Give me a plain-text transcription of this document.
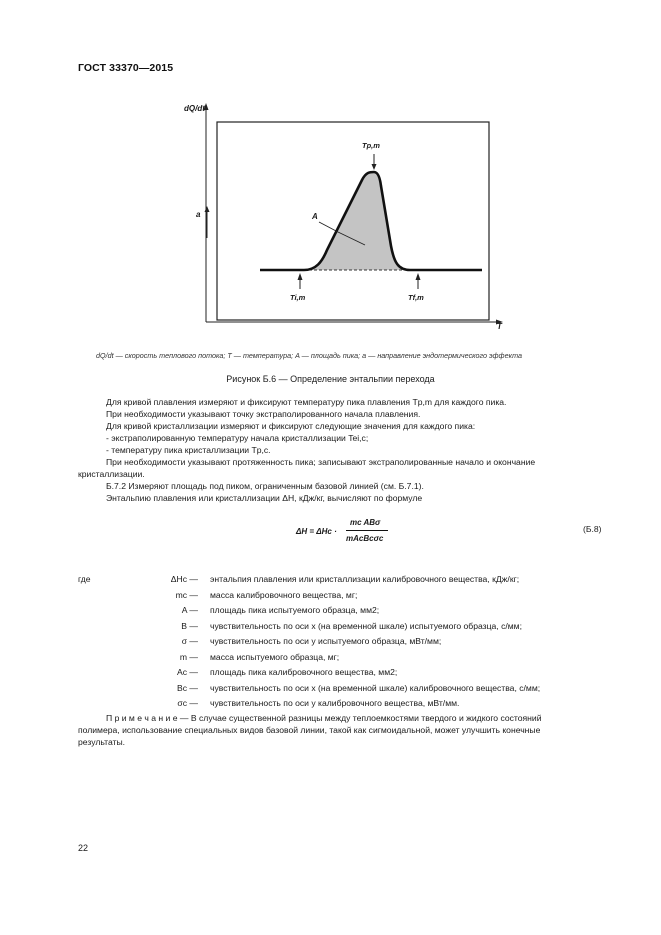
ГОСТ 33370—2015
dQ/dt
T
Tp,m
a	A
Ti,m	Tf,m
dQ/dt — скорость теплового потока; T — температура; A — площадь пика; a — направление эндотермического эффекта
Рисунок Б.6 — Определение энтальпии перехода
Для кривой плавления измеряют и фиксируют температуру пика плавления Tp,m для каждого пика.
При необходимости указывают точку экстраполированного начала плавления.
Для кривой кристаллизации измеряют и фиксируют следующие значения для каждого пика:
- экстраполированную температуру начала кристаллизации Tei,c;
- температуру пика кристаллизации Tp,c.
При необходимости указывают протяженность пика; записывают экстраполированные начало и окончание
кристаллизации.
Б.7.2 Измеряют площадь под пиком, ограниченным базовой линией (см. Б.7.1).
Энтальпию плавления или кристаллизации ΔH, кДж/кг, вычисляют по формуле
ΔH = ΔHc ·
mc ABσ
mAcBcσc
(Б.8)
где	ΔHc — энтальпия плавления или кристаллизации калибровочного вещества, кДж/кг;
mc — масса калибровочного вещества, мг;
A — площадь пика испытуемого образца, мм2;
B — чувствительность по оси x (на временной шкале) испытуемого образца, с/мм;
σ — чувствительность по оси y испытуемого образца, мВт/мм;
m — масса испытуемого образца, мг;
Ac — площадь пика калибровочного вещества, мм2;
Bc — чувствительность по оси x (на временной шкале) калибровочного вещества, с/мм;
σc — чувствительность по оси y калибровочного вещества, мВт/мм.
П р и м е ч а н и е — В случае существенной разницы между теплоемкостями твердого и жидкого состояний
полимера, использование специальных видов базовой линии, такой как сигмоидальной, может улучшить конечные
результаты.
22
